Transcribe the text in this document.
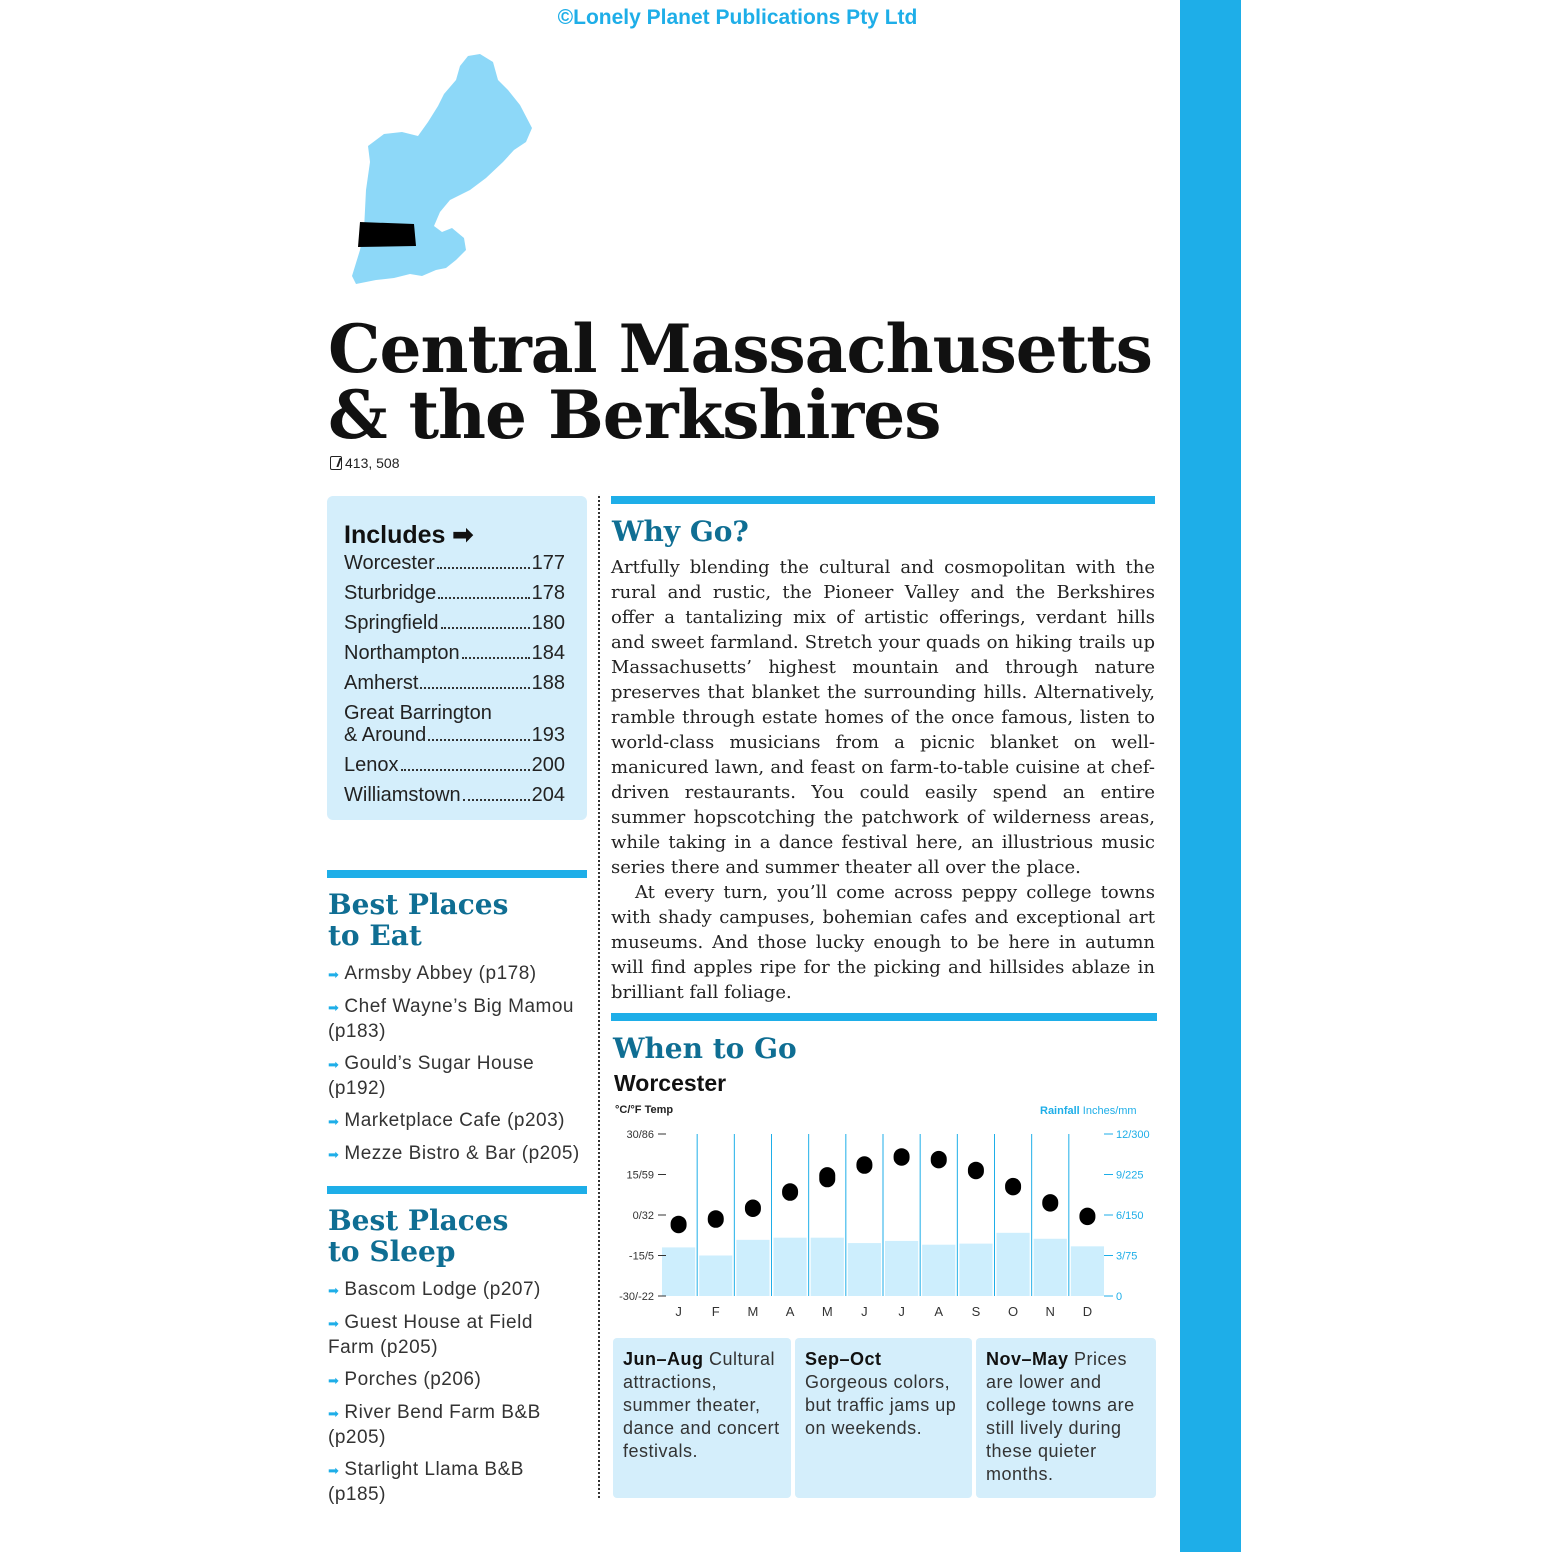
©Lonely Planet Publications Pty Ltd
Central Massachusetts
& the Berkshires
413, 508
Includes ➡
Worcester	177
Sturbridge	178
Springfield	180
Northampton	184
Amherst	188
Great Barrington
& Around	193
Lenox	200
Williamstown	204
Best Places
to Eat
➡ Armsby Abbey (p178)
➡ Chef Wayne’s Big Mamou (p183)
➡ Gould’s Sugar House (p192)
➡ Marketplace Cafe (p203)
➡ Mezze Bistro & Bar (p205)
Best Places
to Sleep
➡ Bascom Lodge (p207)
➡ Guest House at Field Farm (p205)
➡ Porches (p206)
➡ River Bend Farm B&B (p205)
➡ Starlight Llama B&B (p185)
Why Go?

Artfully blending the cultural and cosmopolitan with the rural and rustic, the Pioneer Valley and the Berkshires offer a tantalizing mix of artistic offerings, verdant hills and sweet farmland. Stretch your quads on hiking trails up Massachusetts’ highest mountain and through nature preserves that blanket the surrounding hills. Alternatively, ramble through estate homes of the once famous, listen to world-class musicians from a picnic blanket on well-manicured lawn, and feast on farm-to-table cuisine at chef-driven restaurants. You could easily spend an entire summer hopscotching the patchwork of wilderness areas, while taking in a dance festival here, an illustrious music series there and summer theater all over the place.

At every turn, you’ll come across peppy college towns with shady campuses, bohemian cafes and exceptional art museums. And those lucky enough to be here in autumn will find apples ripe for the picking and hillsides ablaze in brilliant fall foliage.

When to Go
Worcester
°C/°F Temp	Rainfall Inches/mm
30/86
15/59
0/32
-15/5
-30/-22
12/300
9/225
6/150
3/75
0
J F M A M J J A S O N D
Jun–Aug Cultural attractions, summer theater, dance and concert festivals.
Sep–Oct Gorgeous colors, but traffic jams up on weekends.
Nov–May Prices are lower and college towns are still lively during these quieter months.
